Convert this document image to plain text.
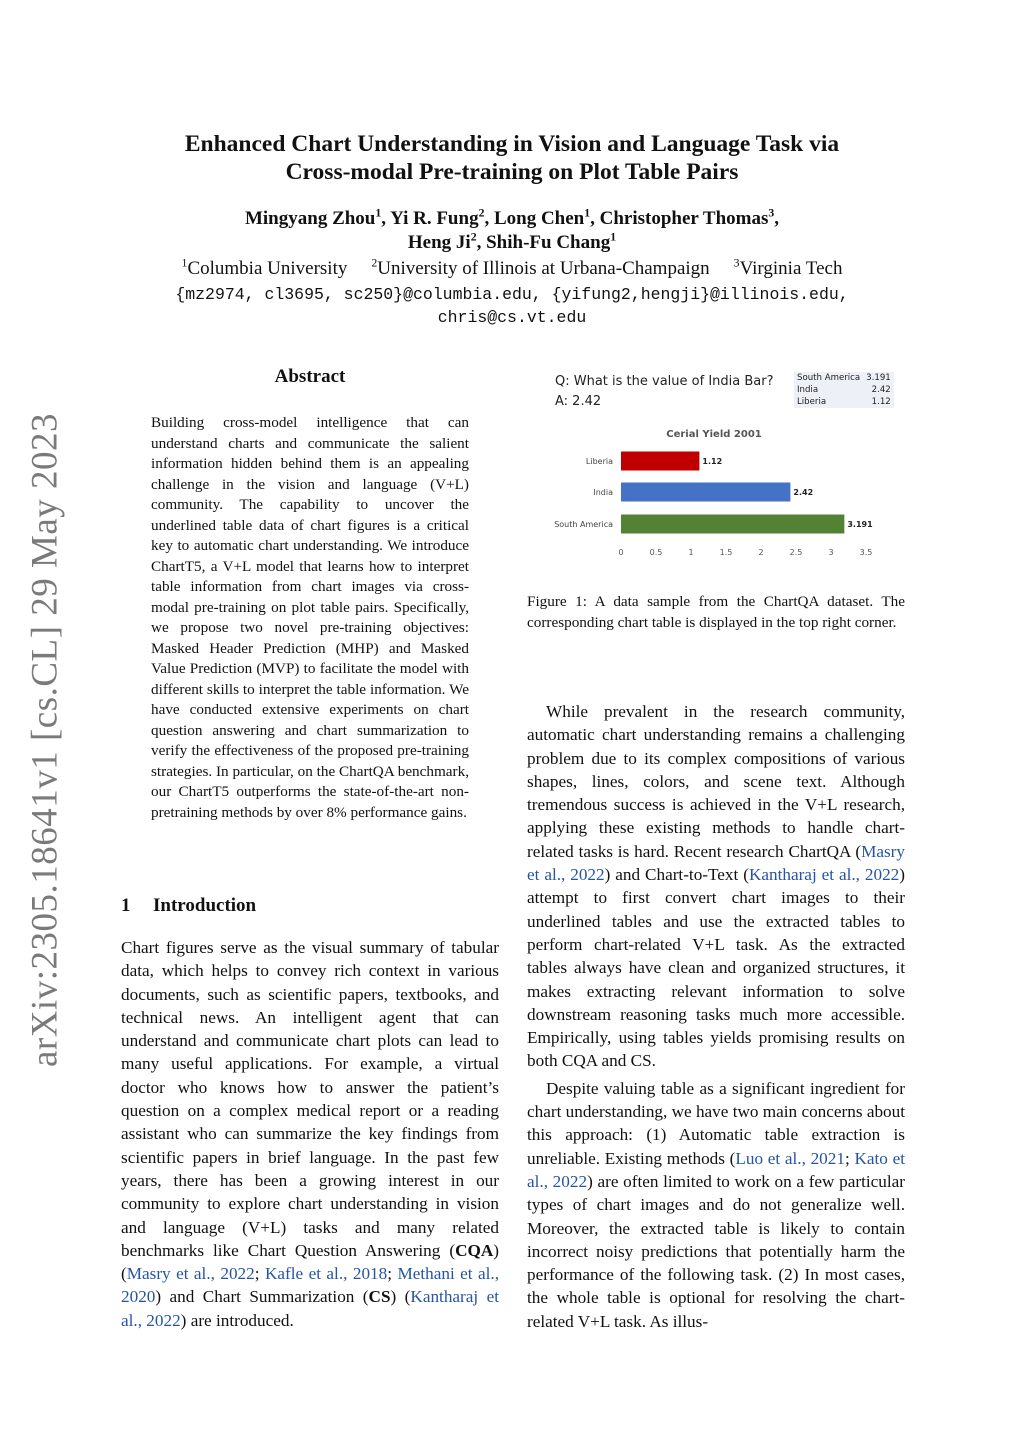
arXiv:2305.18641v1 [cs.CL] 29 May 2023
Enhanced Chart Understanding in Vision and Language Task via
Cross-modal Pre-training on Plot Table Pairs
Mingyang Zhou$^1$, Yi R. Fung$^2$, Long Chen$^1$, Christopher Thomas$^3$,
Heng Ji$^2$, Shih-Fu Chang$^1$
$^1$Columbia University $^2$University of Illinois at Urbana-Champaign $^3$Virginia Tech
{mz2974, cl3695, sc250}@columbia.edu, {yifung2,hengji}@illinois.edu,
chris@cs.vt.edu
Abstract
Building cross-model intelligence that can understand charts and communicate the salient information hidden behind them is an appealing challenge in the vision and language (V+L) community. The capability to uncover the underlined table data of chart figures is a critical key to automatic chart understanding. We introduce ChartT5, a V+L model that learns how to interpret table information from chart images via cross-modal pre-training on plot table pairs. Specifically, we propose two novel pre-training objectives: Masked Header Prediction (MHP) and Masked Value Prediction (MVP) to facilitate the model with different skills to interpret the table information. We have conducted extensive experiments on chart question answering and chart summarization to verify the effectiveness of the proposed pre-training strategies. In particular, on the ChartQA benchmark, our ChartT5 outperforms the state-of-the-art non-pretraining methods by over 8% performance gains.
1 Introduction

Chart figures serve as the visual summary of tabular data, which helps to convey rich context in various documents, such as scientific papers, textbooks, and technical news. An intelligent agent that can understand and communicate chart plots can lead to many useful applications. For example, a virtual doctor who knows how to answer the patient’s question on a complex medical report or a reading assistant who can summarize the key findings from scientific papers in brief language. In the past few years, there has been a growing interest in our community to explore chart understanding in vision and language (V+L) tasks and many related benchmarks like Chart Question Answering (CQA) (Masry et al., 2022; Kafle et al., 2018; Methani et al., 2020) and Chart Summarization (CS) (Kantharaj et al., 2022) are introduced.

Q: What is the value of India Bar?
A: 2.42
South America	3.191
India	2.42
Liberia	1.12
Cerial Yield 2001
Liberia	1.12
India	2.42
South America	3.191
0	0.5	1	1.5	2	2.5	3	3.5
Figure 1: A data sample from the ChartQA dataset. The corresponding chart table is displayed in the top right corner.

While prevalent in the research community, automatic chart understanding remains a challenging problem due to its complex compositions of various shapes, lines, colors, and scene text. Although tremendous success is achieved in the V+L research, applying these existing methods to handle chart-related tasks is hard. Recent research ChartQA (Masry et al., 2022) and Chart-to-Text (Kantharaj et al., 2022) attempt to first convert chart images to their underlined tables and use the extracted tables to perform chart-related V+L task. As the extracted tables always have clean and organized structures, it makes extracting relevant information to solve downstream reasoning tasks much more accessible. Empirically, using tables yields promising results on both CQA and CS.

Despite valuing table as a significant ingredient for chart understanding, we have two main concerns about this approach: (1) Automatic table extraction is unreliable. Existing methods (Luo et al., 2021; Kato et al., 2022) are often limited to work on a few particular types of chart images and do not generalize well. Moreover, the extracted table is likely to contain incorrect noisy predictions that potentially harm the performance of the following task. (2) In most cases, the whole table is optional for resolving the chart-related V+L task. As illus-
